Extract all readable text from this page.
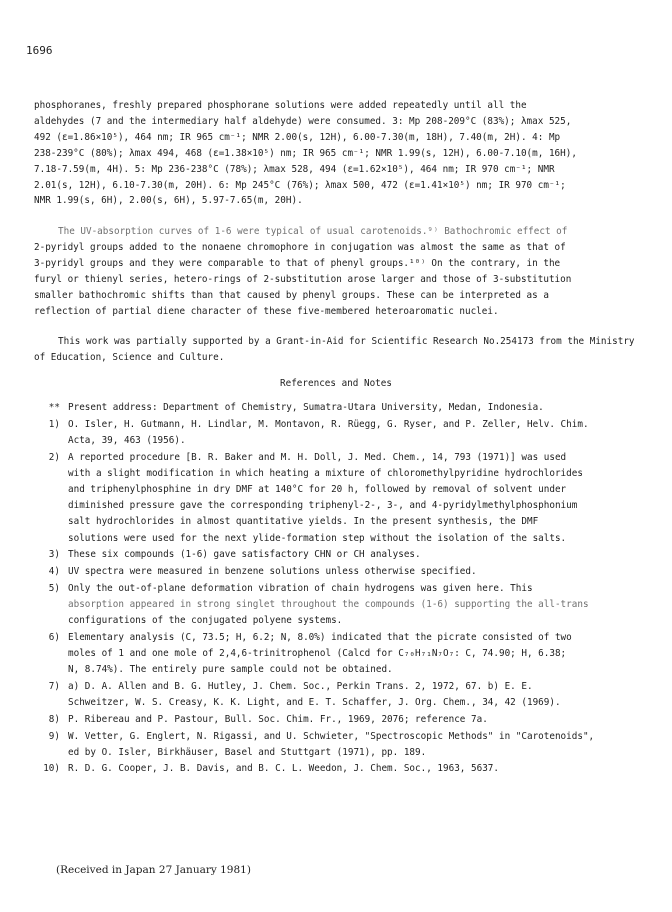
1696

phosphoranes, freshly prepared phosphorane solutions were added repeatedly until all the

aldehydes (7 and the intermediary half aldehyde) were consumed. 3: Mp 208-209°C (83%); λmax 525,

492 (ε=1.86×10⁵), 464 nm; IR 965 cm⁻¹; NMR 2.00(s, 12H), 6.00-7.30(m, 18H), 7.40(m, 2H). 4: Mp

238-239°C (80%); λmax 494, 468 (ε=1.38×10⁵) nm; IR 965 cm⁻¹; NMR 1.99(s, 12H), 6.00-7.10(m, 16H),

7.18-7.59(m, 4H). 5: Mp 236-238°C (78%); λmax 528, 494 (ε=1.62×10⁵), 464 nm; IR 970 cm⁻¹; NMR

2.01(s, 12H), 6.10-7.30(m, 20H). 6: Mp 245°C (76%); λmax 500, 472 (ε=1.41×10⁵) nm; IR 970 cm⁻¹;

NMR 1.99(s, 6H), 2.00(s, 6H), 5.97-7.65(m, 20H).

The UV-absorption curves of 1-6 were typical of usual carotenoids.⁹⁾ Bathochromic effect of

2-pyridyl groups added to the nonaene chromophore in conjugation was almost the same as that of

3-pyridyl groups and they were comparable to that of phenyl groups.¹⁰⁾ On the contrary, in the

furyl or thienyl series, hetero-rings of 2-substitution arose larger and those of 3-substitution

smaller bathochromic shifts than that caused by phenyl groups. These can be interpreted as a

reflection of partial diene character of these five-membered heteroaromatic nuclei.

This work was partially supported by a Grant-in-Aid for Scientific Research No.254173 from the Ministry of Education, Science and Culture.
References and Notes
** Present address: Department of Chemistry, Sumatra-Utara University, Medan, Indonesia.
1) O. Isler, H. Gutmann, H. Lindlar, M. Montavon, R. Rüegg, G. Ryser, and P. Zeller, Helv. Chim.
Acta, 39, 463 (1956).
2) A reported procedure [B. R. Baker and M. H. Doll, J. Med. Chem., 14, 793 (1971)] was used
with a slight modification in which heating a mixture of chloromethylpyridine hydrochlorides
and triphenylphosphine in dry DMF at 140°C for 20 h, followed by removal of solvent under
diminished pressure gave the corresponding triphenyl-2-, 3-, and 4-pyridylmethylphosphonium
salt hydrochlorides in almost quantitative yields. In the present synthesis, the DMF
solutions were used for the next ylide-formation step without the isolation of the salts.
3) These six compounds (1-6) gave satisfactory CHN or CH analyses.
4) UV spectra were measured in benzene solutions unless otherwise specified.
5) Only the out-of-plane deformation vibration of chain hydrogens was given here. This
absorption appeared in strong singlet throughout the compounds (1-6) supporting the all-trans
configurations of the conjugated polyene systems.
6) Elementary analysis (C, 73.5; H, 6.2; N, 8.0%) indicated that the picrate consisted of two
moles of 1 and one mole of 2,4,6-trinitrophenol (Calcd for C₇₀H₇₁N₇O₇: C, 74.90; H, 6.38;
N, 8.74%). The entirely pure sample could not be obtained.
7) a) D. A. Allen and B. G. Hutley, J. Chem. Soc., Perkin Trans. 2, 1972, 67. b) E. E.
Schweitzer, W. S. Creasy, K. K. Light, and E. T. Schaffer, J. Org. Chem., 34, 42 (1969).
8) P. Ribereau and P. Pastour, Bull. Soc. Chim. Fr., 1969, 2076; reference 7a.
9) W. Vetter, G. Englert, N. Rigassi, and U. Schwieter, "Spectroscopic Methods" in "Carotenoids",
ed by O. Isler, Birkhäuser, Basel and Stuttgart (1971), pp. 189.
10) R. D. G. Cooper, J. B. Davis, and B. C. L. Weedon, J. Chem. Soc., 1963, 5637.
(Received in Japan 27 January 1981)
